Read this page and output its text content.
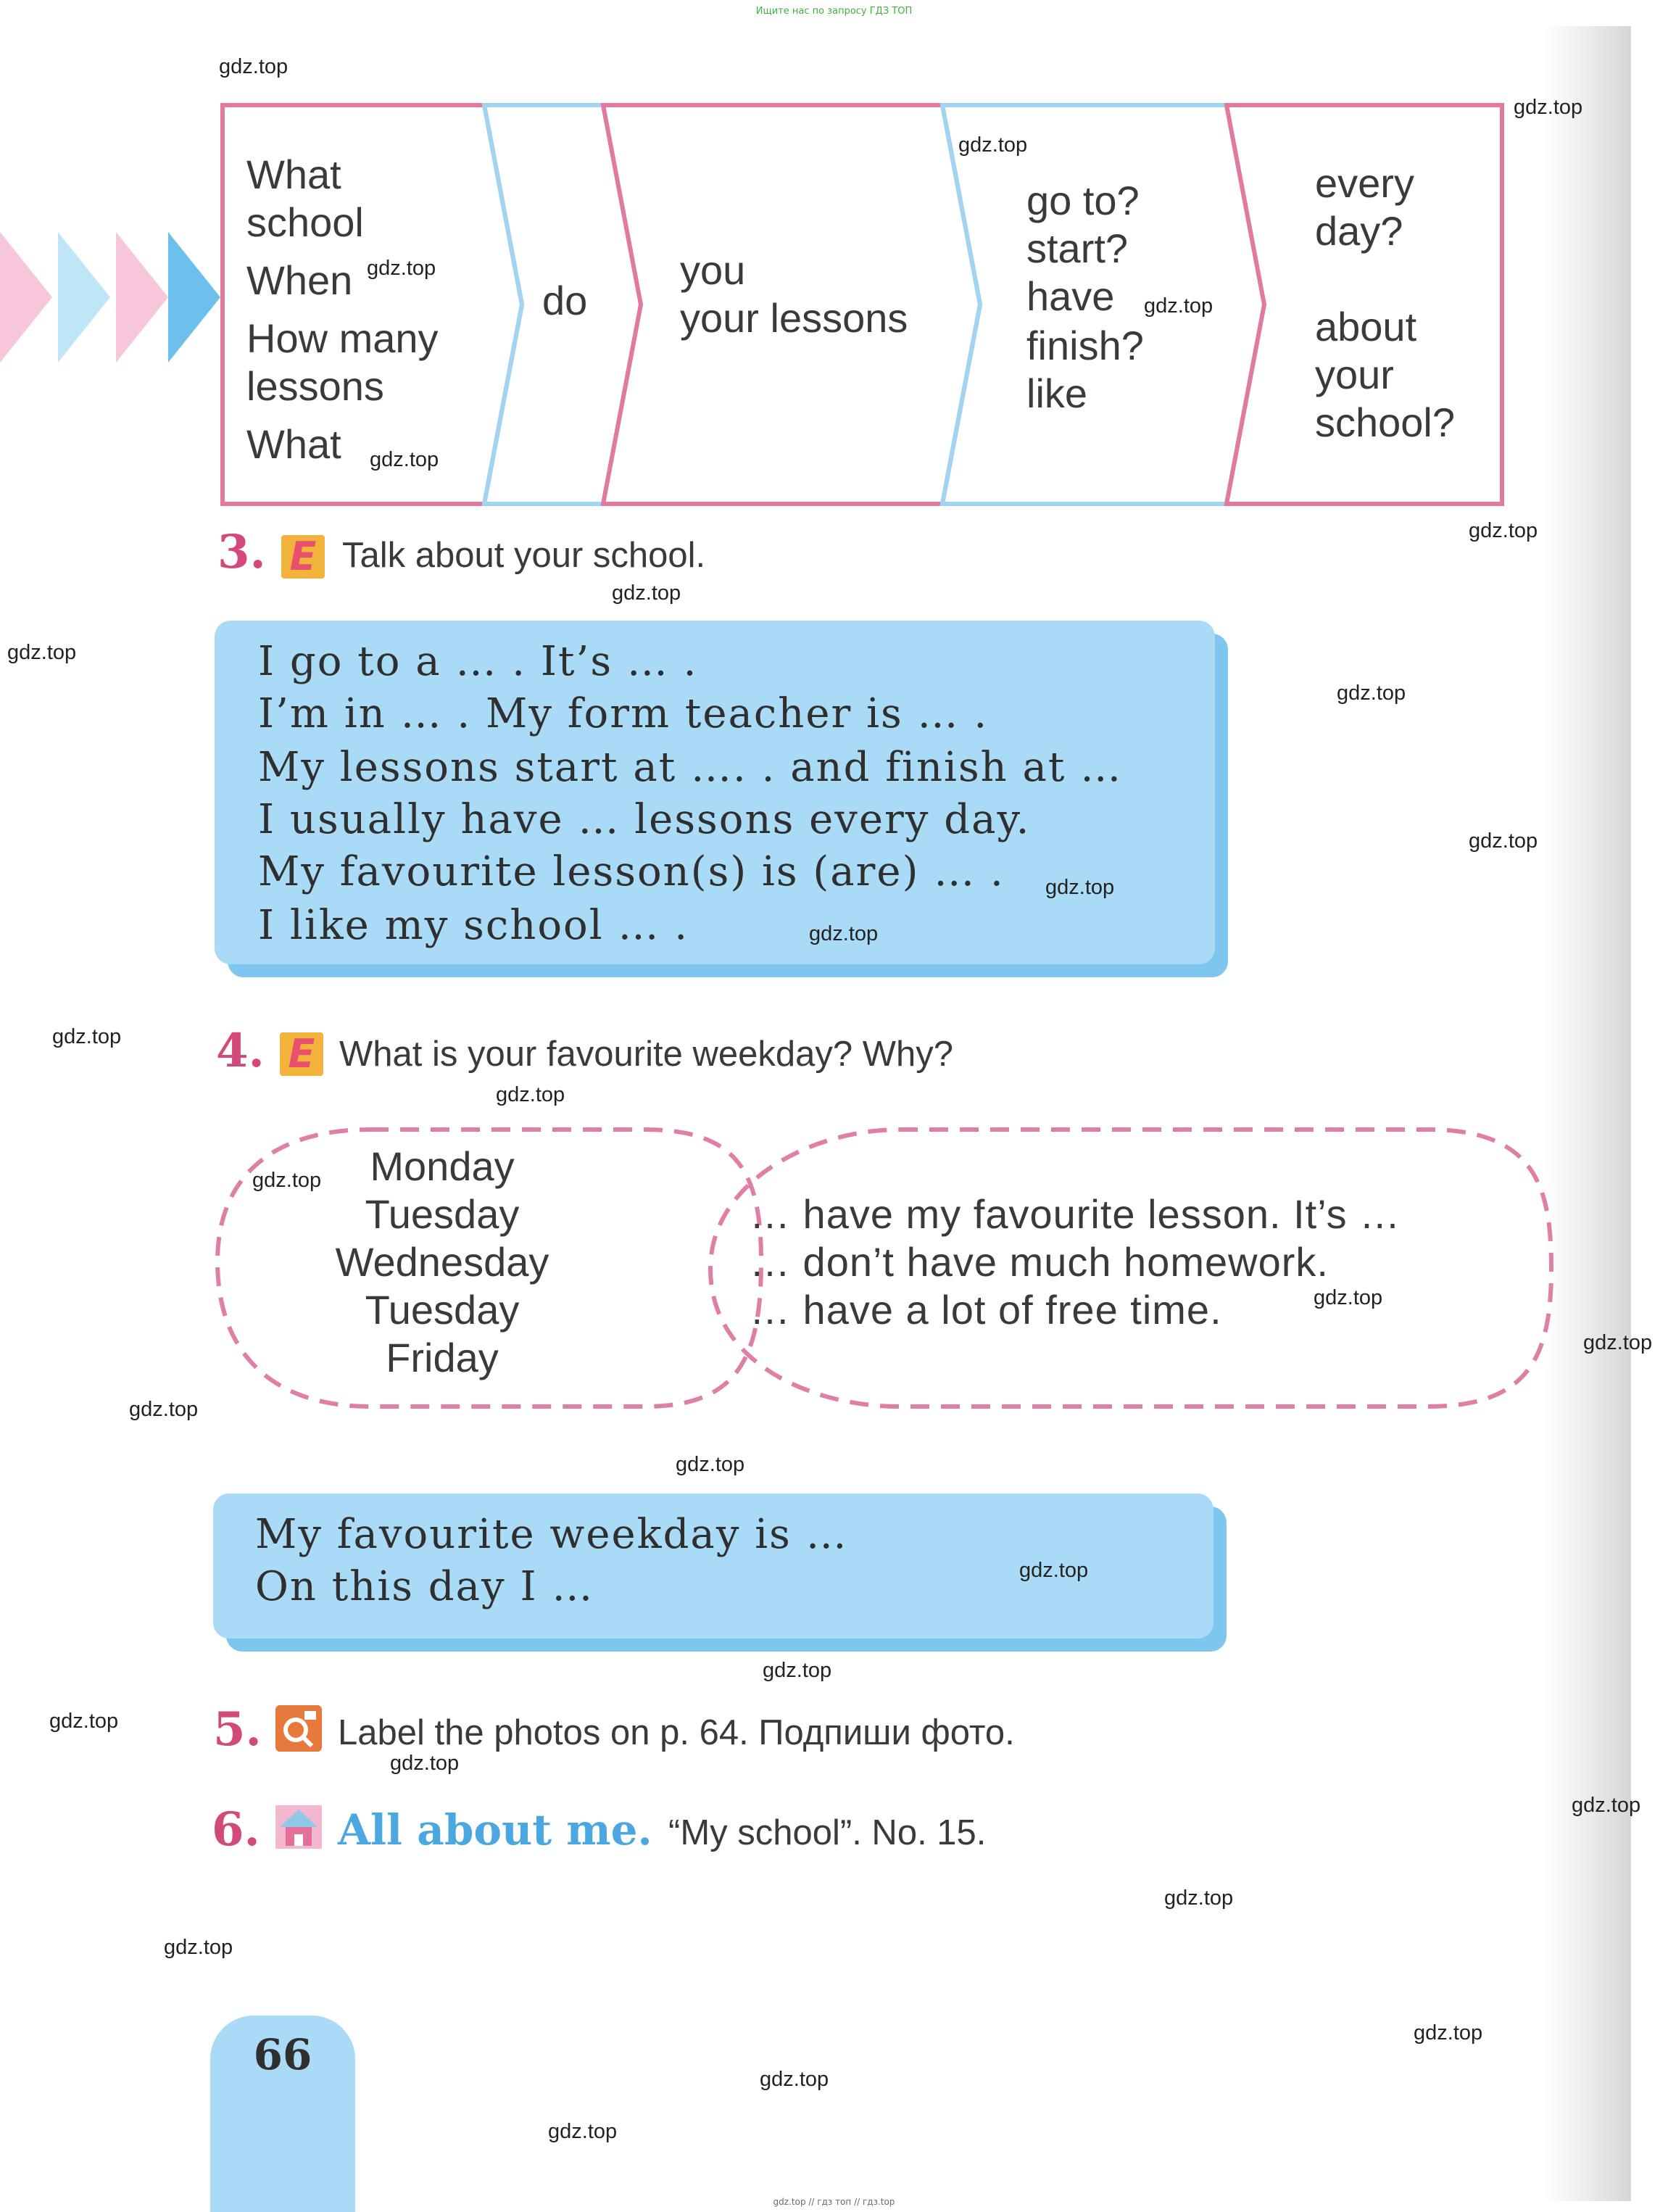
Ищите нас по запросу ГДЗ ТОП
What
school
When
How many
lessons
What
do
you
your lessons
go to?
start?
have
finish?
like
every
day?
about
your
school?
3. E Talk about your school.
I go to a … . It’s … .
I’m in … . My form teacher is … .
My lessons start at …. . and finish at …
I usually have … lessons every day.
My favourite lesson(s) is (are) … .
I like my school … .
4. E What is your favourite weekday? Why?
Monday
Tuesday
Wednesday
Tuesday
Friday
… have my favourite lesson. It’s …
… don’t have much homework.
… have a lot of free time.
My favourite weekday is …
On this day I …
5. Label the photos on p. 64. Подпиши фото.
6. All about me. “My school”. No. 15.
66
gdz.top
gdz.top
gdz.top
gdz.top
gdz.top
gdz.top
gdz.top
gdz.top
gdz.top
gdz.top
gdz.top
gdz.top
gdz.top
gdz.top
gdz.top
gdz.top
gdz.top
gdz.top
gdz.top
gdz.top
gdz.top
gdz.top
gdz.top
gdz.top
gdz.top
gdz.top
gdz.top
gdz.top
gdz.top
gdz.top
gdz.top // гдз топ // гдз.top
